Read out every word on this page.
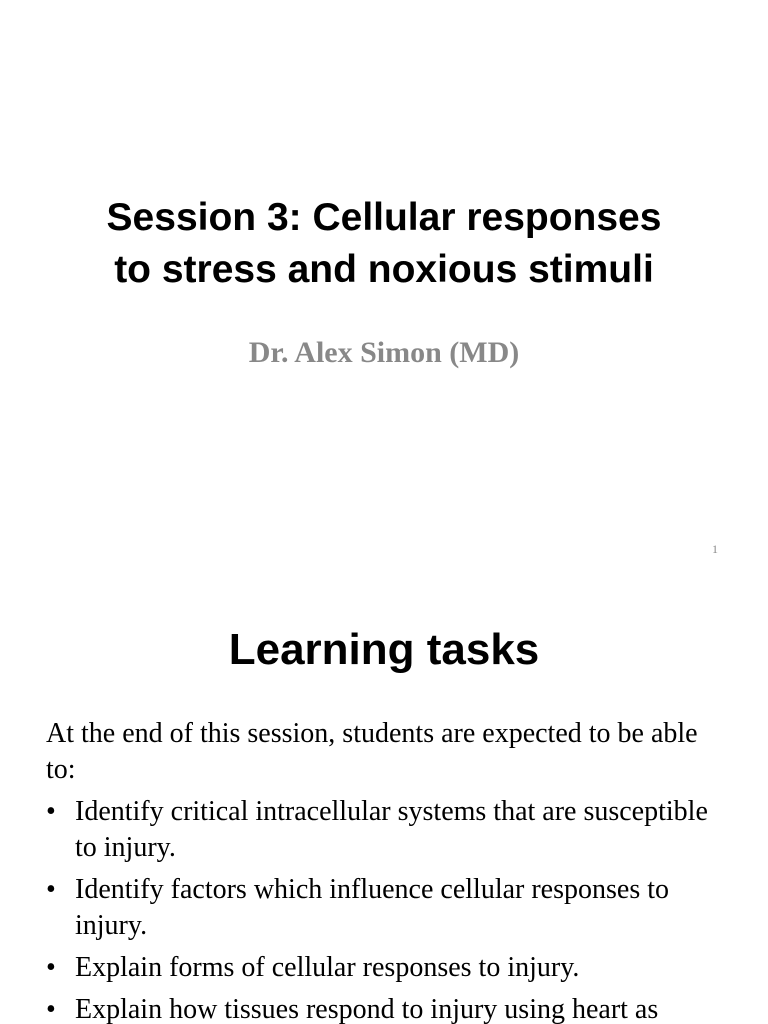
Session 3: Cellular responses
to stress and noxious stimuli
Dr. Alex Simon (MD)
1
Learning tasks

At the end of this session, students are expected to be able to:

• Identify critical intracellular systems that are susceptible to injury.
• Identify factors which influence cellular responses to injury.
• Explain forms of cellular responses to injury.
• Explain how tissues respond to injury using heart as
